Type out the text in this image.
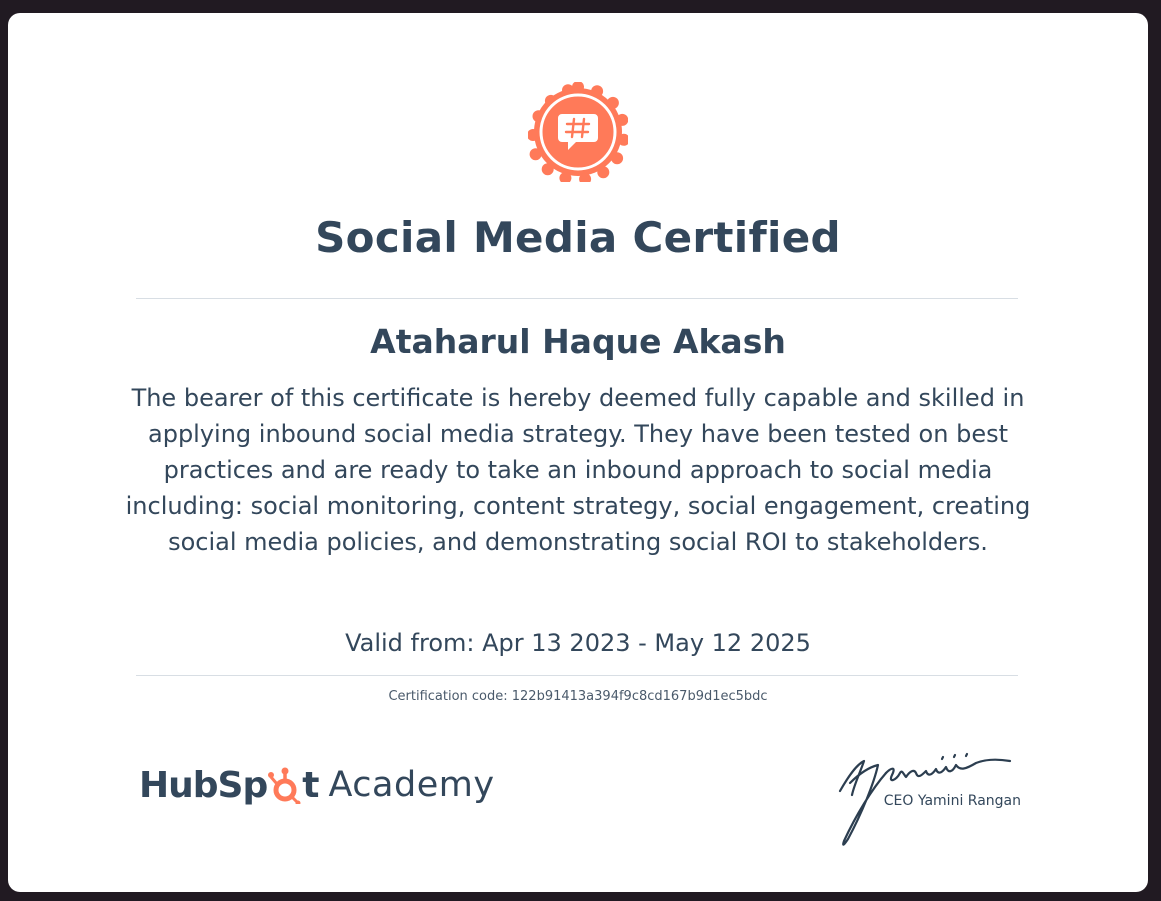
Social Media Certified
Ataharul Haque Akash
The bearer of this certificate is hereby deemed fully capable and skilled in
applying inbound social media strategy. They have been tested on best
practices and are ready to take an inbound approach to social media
including: social monitoring, content strategy, social engagement, creating
social media policies, and demonstrating social ROI to stakeholders.
Valid from: Apr 13 2023 - May 12 2025
Certification code: 122b91413a394f9c8cd167b9d1ec5bdc
HubSp t Academy	CEO Yamini Rangan
